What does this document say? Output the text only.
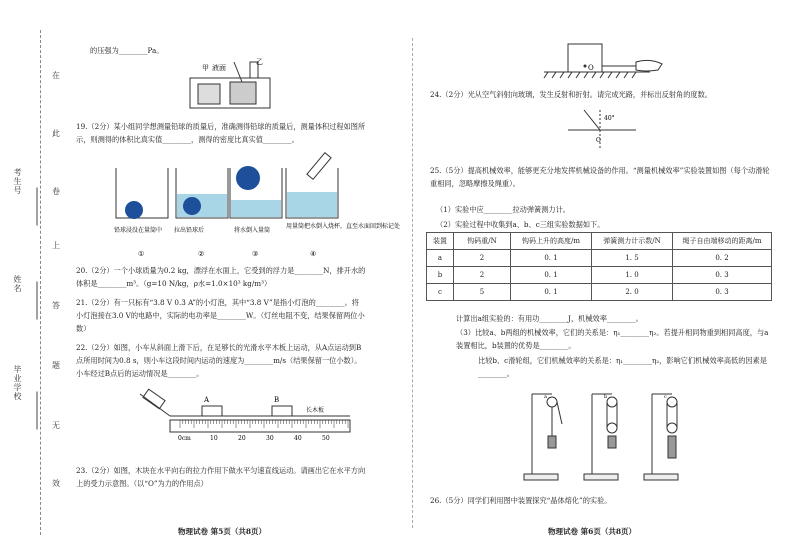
考生号
姓名
毕业学校
在
此
卷
上
答
题
无
效
的压强为________Pa。
甲 液面
乙
19.（2分）某小组同学想测量铅球的质量后，准确测得铅球的质量后，测量体积过程如图所示，则测得的体积比真实值________，测得的密度比真实值________。
铅球浸没在量筒中 拉出铅球后	将水倒入量筒
用量筒把水倒入烧杯，直至水面回到标记处
①	②	③	④
20.（2分）一个小球质量为0.2 kg，漂浮在水面上，它受到的浮力是________N，排开水的体积是________m³。（g=10 N/kg，ρ水=1.0×10³ kg/m³）
21.（2分）有一只标有“3.8 V 0.3 A”的小灯泡，其中“3.8 V”是指小灯泡的________。将小灯泡接在3.0 V的电路中，实际的电功率是________W。（灯丝电阻不变，结果保留两位小数）
22.（2分）如图，小车从斜面上滑下后，在足够长的光滑水平木板上运动，从A点运动到B点所用时间为0.8 s，则小车这段时间内运动的速度为________m/s（结果保留一位小数）。小车经过B点后的运动情况是________。
A	B
长木板
0cm	10	20	30	40	50
23.（2分）如图，木块在水平向右的拉力作用下做水平匀速直线运动。请画出它在水平方向上的受力示意图。（以“O”为力的作用点）
物理试卷 第5页（共8页）
O
24.（2分）光从空气斜射向玻璃，发生反射和折射。请完成光路，并标出反射角的度数。
40°
O
25.（5分）提高机械效率，能够更充分地发挥机械设备的作用。“测量机械效率”实验装置如图（每个动滑轮重相同，忽略摩擦及绳重）。
（1）实验中应________拉动弹簧测力计。
（2）实验过程中收集到a、b、c三组实验数据如下。
装置	钩码重/N	钩码上升的高度/m	弹簧测力计示数/N	绳子自由端移动的距离/m
a	2	0. 1	1. 5	0. 2
b	2	0. 1	1. 0	0. 3
c	5	0. 1	2. 0	0. 3
计算出a组实验的：有用功________J，机械效率________。
（3）比较a、b两组的机械效率，它们的关系是：η₁________η₂。若提升相同物重到相同高度，与a装置相比，b装置的优势是________。
比较b、c滑轮组，它们机械效率的关系是：η₁________η₂，影响它们机械效率高低的因素是________。
a	b	c
26.（5分）同学们利用图中装置探究“晶体熔化”的实验。
物理试卷 第6页（共8页）
